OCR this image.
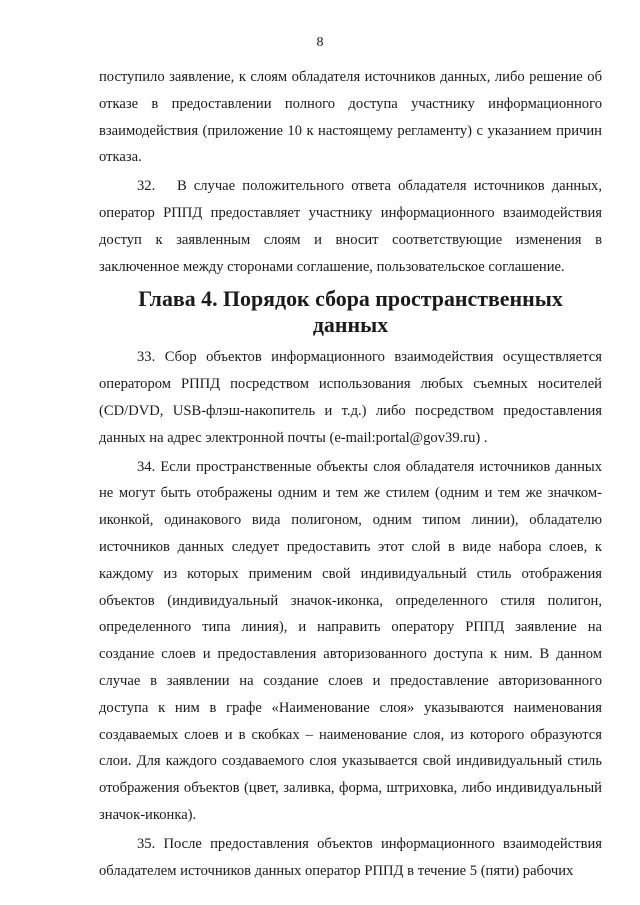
8

поступило заявление, к слоям обладателя источников данных, либо решение об отказе в предоставлении полного доступа участнику информационного взаимодействия (приложение 10 к настоящему регламенту) с указанием причин отказа.

32.  В случае положительного ответа обладателя источников данных, оператор РППД предоставляет участнику информационного взаимодействия доступ к заявленным слоям и вносит соответствующие изменения в заключенное между сторонами соглашение, пользовательское соглашение.

Глава 4. Порядок сбора пространственных данных

33. Сбор объектов информационного взаимодействия осуществляется оператором РППД посредством использования любых съемных носителей (CD/DVD, USB-флэш-накопитель и т.д.) либо посредством предоставления данных на адрес электронной почты (e-mail:portal@gov39.ru) .

34. Если пространственные объекты слоя обладателя источников данных не могут быть отображены одним и тем же стилем (одним и тем же значком-иконкой, одинакового вида полигоном, одним типом линии), обладателю источников данных следует предоставить этот слой в виде набора слоев, к каждому из которых применим свой индивидуальный стиль отображения объектов (индивидуальный значок-иконка, определенного стиля полигон, определенного типа линия), и направить оператору РППД заявление на создание слоев и предоставления авторизованного доступа к ним. В данном случае в заявлении на создание слоев и предоставление авторизованного доступа к ним в графе «Наименование слоя» указываются наименования создаваемых слоев и в скобках – наименование слоя, из которого образуются слои. Для каждого создаваемого слоя указывается свой индивидуальный стиль отображения объектов (цвет, заливка, форма, штриховка, либо индивидуальный значок-иконка).

35. После предоставления объектов информационного взаимодействия обладателем источников данных оператор РППД в течение 5 (пяти) рабочих
